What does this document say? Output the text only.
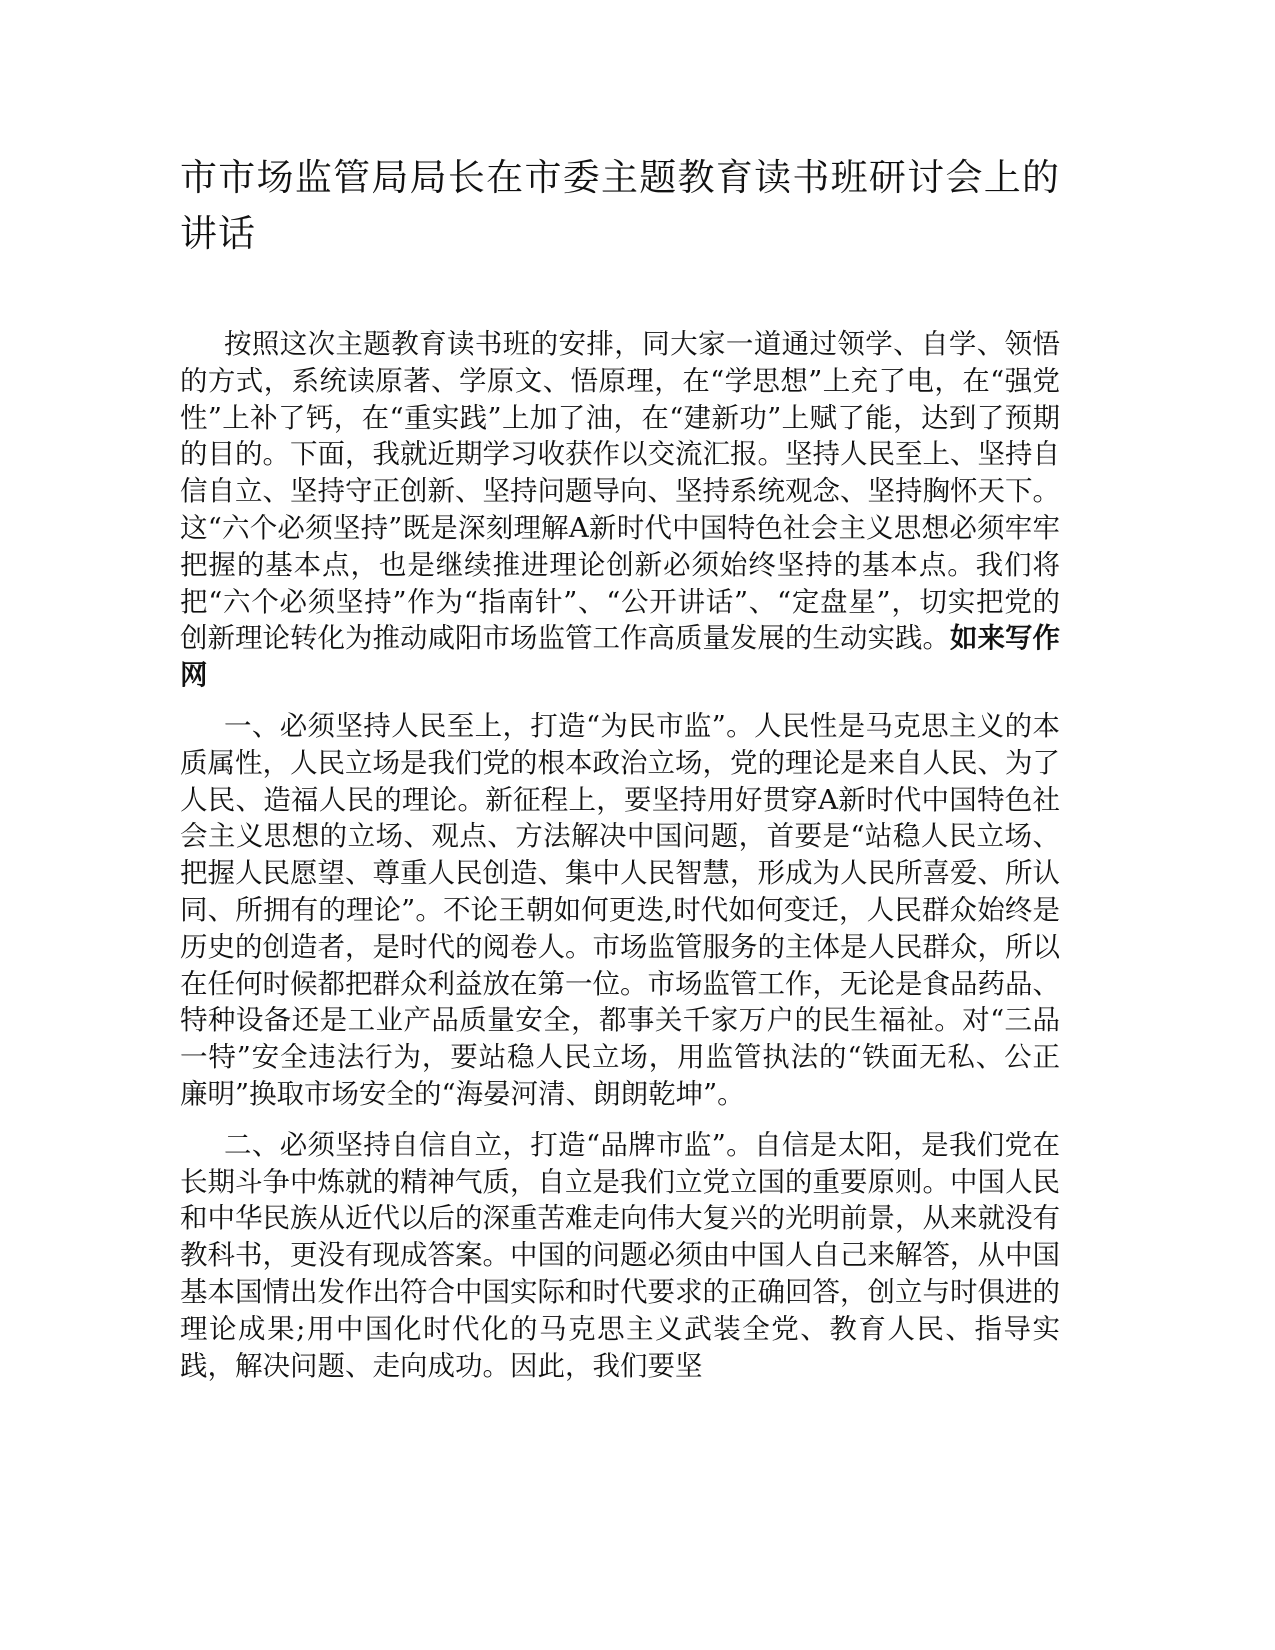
市市场监管局局长在市委主题教育读书班研讨会上的讲话

按照这次主题教育读书班的安排，同大家一道通过领学、自学、领悟的方式，系统读原著、学原文、悟原理，在“学思想”上充了电，在“强党性”上补了钙，在“重实践”上加了油，在“建新功”上赋了能，达到了预期的目的。下面，我就近期学习收获作以交流汇报。坚持人民至上、坚持自信自立、坚持守正创新、坚持问题导向、坚持系统观念、坚持胸怀天下。这“六个必须坚持”既是深刻理解A新时代中国特色社会主义思想必须牢牢把握的基本点，也是继续推进理论创新必须始终坚持的基本点。我们将把“六个必须坚持”作为“指南针”、“公开讲话”、“定盘星”，切实把党的创新理论转化为推动咸阳市场监管工作高质量发展的生动实践。如来写作网

一、必须坚持人民至上，打造“为民市监”。人民性是马克思主义的本质属性，人民立场是我们党的根本政治立场，党的理论是来自人民、为了人民、造福人民的理论。新征程上，要坚持用好贯穿A新时代中国特色社会主义思想的立场、观点、方法解决中国问题，首要是“站稳人民立场、把握人民愿望、尊重人民创造、集中人民智慧，形成为人民所喜爱、所认同、所拥有的理论”。不论王朝如何更迭,时代如何变迁，人民群众始终是历史的创造者，是时代的阅卷人。市场监管服务的主体是人民群众，所以在任何时候都把群众利益放在第一位。市场监管工作，无论是食品药品、特种设备还是工业产品质量安全，都事关千家万户的民生福祉。对“三品一特”安全违法行为，要站稳人民立场，用监管执法的“铁面无私、公正廉明”换取市场安全的“海晏河清、朗朗乾坤”。

二、必须坚持自信自立，打造“品牌市监”。自信是太阳，是我们党在长期斗争中炼就的精神气质，自立是我们立党立国的重要原则。中国人民和中华民族从近代以后的深重苦难走向伟大复兴的光明前景，从来就没有教科书，更没有现成答案。中国的问题必须由中国人自己来解答，从中国基本国情出发作出符合中国实际和时代要求的正确回答，创立与时俱进的理论成果;用中国化时代化的马克思主义武装全党、教育人民、指导实践，解决问题、走向成功。因此，我们要坚
